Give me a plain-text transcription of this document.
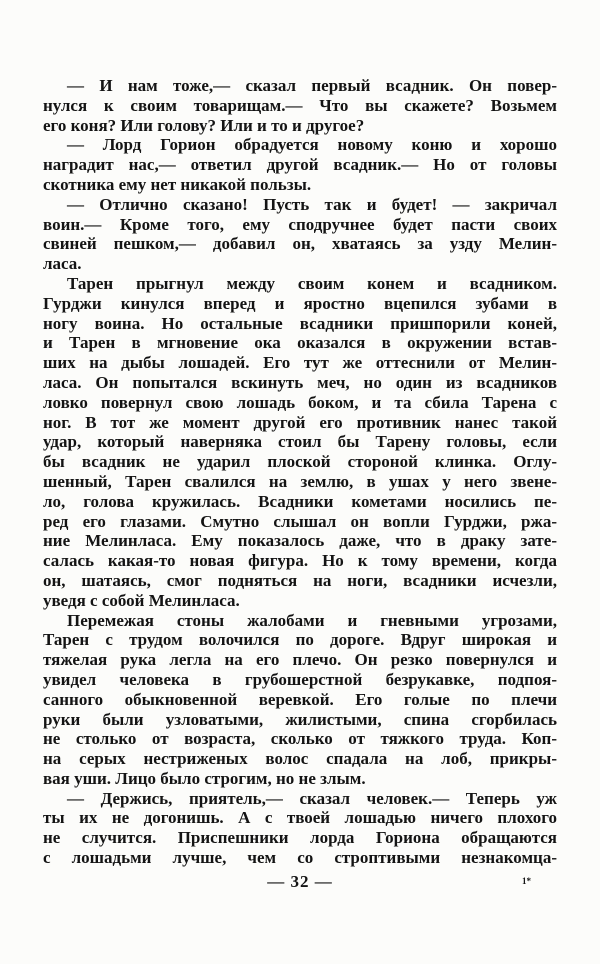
— И нам тоже,— сказал первый всадник. Он повер-
нулся к своим товарищам.— Что вы скажете? Возьмем
его коня? Или голову? Или и то и другое?
— Лорд Горион обрадуется новому коню и хорошо
наградит нас,— ответил другой всадник.— Но от головы
скотника ему нет никакой пользы.
— Отлично сказано! Пусть так и будет! — закричал
воин.— Кроме того, ему сподручнее будет пасти своих
свиней пешком,— добавил он, хватаясь за узду Мелин-
ласа.
Тарен прыгнул между своим конем и всадником.
Гурджи кинулся вперед и яростно вцепился зубами в
ногу воина. Но остальные всадники пришпорили коней,
и Тарен в мгновение ока оказался в окружении встав-
ших на дыбы лошадей. Его тут же оттеснили от Мелин-
ласа. Он попытался вскинуть меч, но один из всадников
ловко повернул свою лошадь боком, и та сбила Тарена с
ног. В тот же момент другой его противник нанес такой
удар, который наверняка стоил бы Тарену головы, если
бы всадник не ударил плоской стороной клинка. Оглу-
шенный, Тарен свалился на землю, в ушах у него звене-
ло, голова кружилась. Всадники кометами носились пе-
ред его глазами. Смутно слышал он вопли Гурджи, ржа-
ние Мелинласа. Ему показалось даже, что в драку зате-
салась какая-то новая фигура. Но к тому времени, когда
он, шатаясь, смог подняться на ноги, всадники исчезли,
уведя с собой Мелинласа.
Перемежая стоны жалобами и гневными угрозами,
Тарен с трудом волочился по дороге. Вдруг широкая и
тяжелая рука легла на его плечо. Он резко повернулся и
увидел человека в грубошерстной безрукавке, подпоя-
санного обыкновенной веревкой. Его голые по плечи
руки были узловатыми, жилистыми, спина сгорбилась
не столько от возраста, сколько от тяжкого труда. Коп-
на серых нестриженых волос спадала на лоб, прикры-
вая уши. Лицо было строгим, но не злым.
— Держись, приятель,— сказал человек.— Теперь уж
ты их не догонишь. А с твоей лошадью ничего плохого
не случится. Приспешники лорда Гориона обращаются
с лошадьми лучше, чем со строптивыми незнакомца-
— 32 —	1*
